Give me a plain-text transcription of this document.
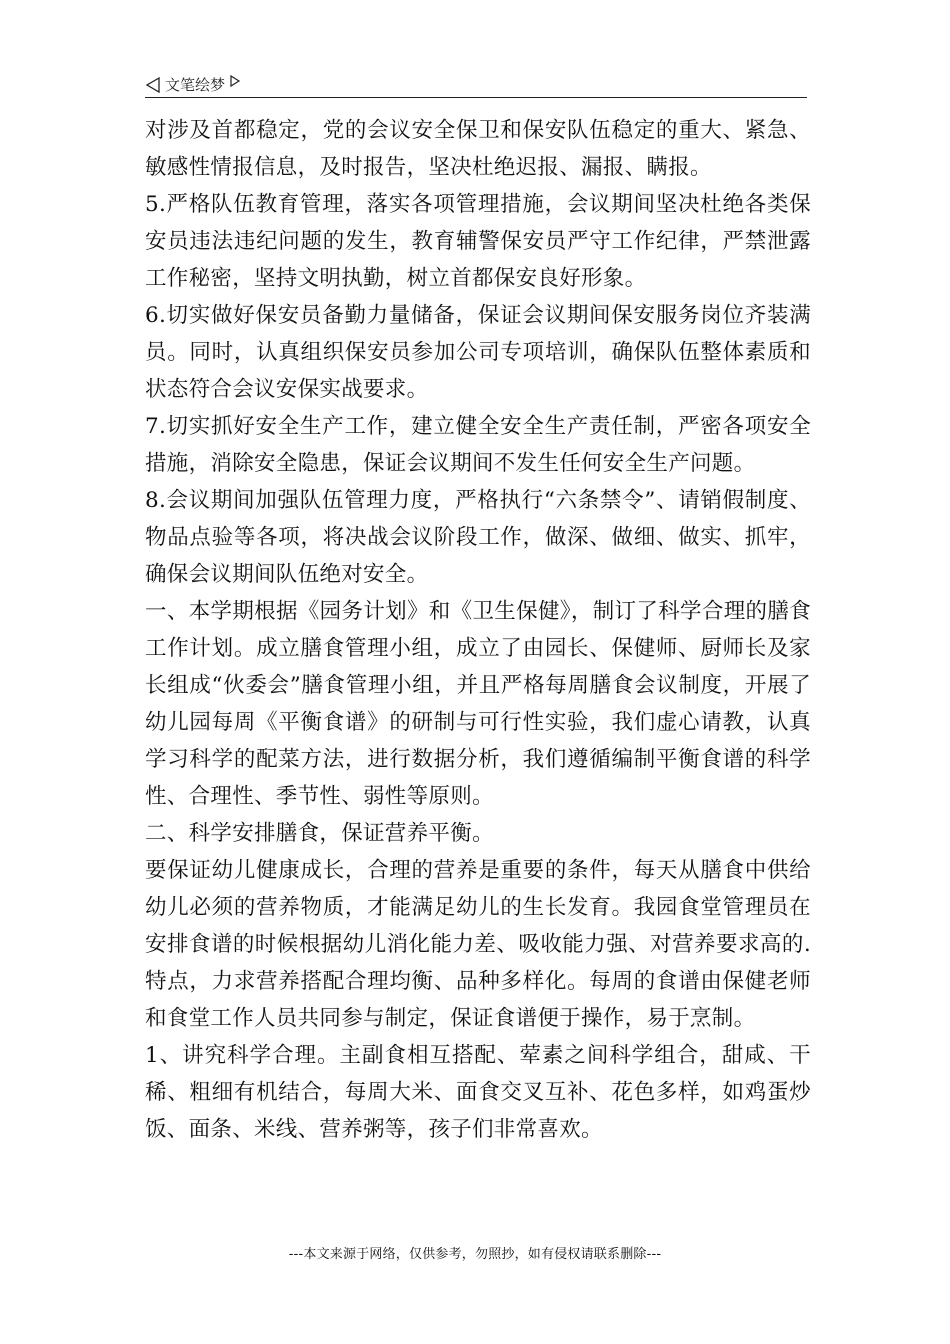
文笔绘梦

对涉及首都稳定，党的会议安全保卫和保安队伍稳定的重大、紧急、敏感性情报信息，及时报告，坚决杜绝迟报、漏报、瞒报。

5.严格队伍教育管理，落实各项管理措施，会议期间坚决杜绝各类保安员违法违纪问题的发生，教育辅警保安员严守工作纪律，严禁泄露工作秘密，坚持文明执勤，树立首都保安良好形象。

6.切实做好保安员备勤力量储备，保证会议期间保安服务岗位齐装满员。同时，认真组织保安员参加公司专项培训，确保队伍整体素质和状态符合会议安保实战要求。

7.切实抓好安全生产工作，建立健全安全生产责任制，严密各项安全措施，消除安全隐患，保证会议期间不发生任何安全生产问题。

8.会议期间加强队伍管理力度，严格执行“六条禁令”、请销假制度、物品点验等各项，将决战会议阶段工作，做深、做细、做实、抓牢，确保会议期间队伍绝对安全。

一、本学期根据《园务计划》和《卫生保健》，制订了科学合理的膳食工作计划。成立膳食管理小组，成立了由园长、保健师、厨师长及家长组成“伙委会”膳食管理小组，并且严格每周膳食会议制度，开展了幼儿园每周《平衡食谱》的研制与可行性实验，我们虚心请教，认真学习科学的配菜方法，进行数据分析，我们遵循编制平衡食谱的科学性、合理性、季节性、弱性等原则。

二、科学安排膳食，保证营养平衡。

要保证幼儿健康成长，合理的营养是重要的条件，每天从膳食中供给幼儿必须的营养物质，才能满足幼儿的生长发育。我园食堂管理员在安排食谱的时候根据幼儿消化能力差、吸收能力强、对营养要求高的.特点，力求营养搭配合理均衡、品种多样化。每周的食谱由保健老师和食堂工作人员共同参与制定，保证食谱便于操作，易于烹制。

1、讲究科学合理。主副食相互搭配、荤素之间科学组合，甜咸、干稀、粗细有机结合，每周大米、面食交叉互补、花色多样，如鸡蛋炒饭、面条、米线、营养粥等，孩子们非常喜欢。

---本文来源于网络，仅供参考，勿照抄，如有侵权请联系删除---
